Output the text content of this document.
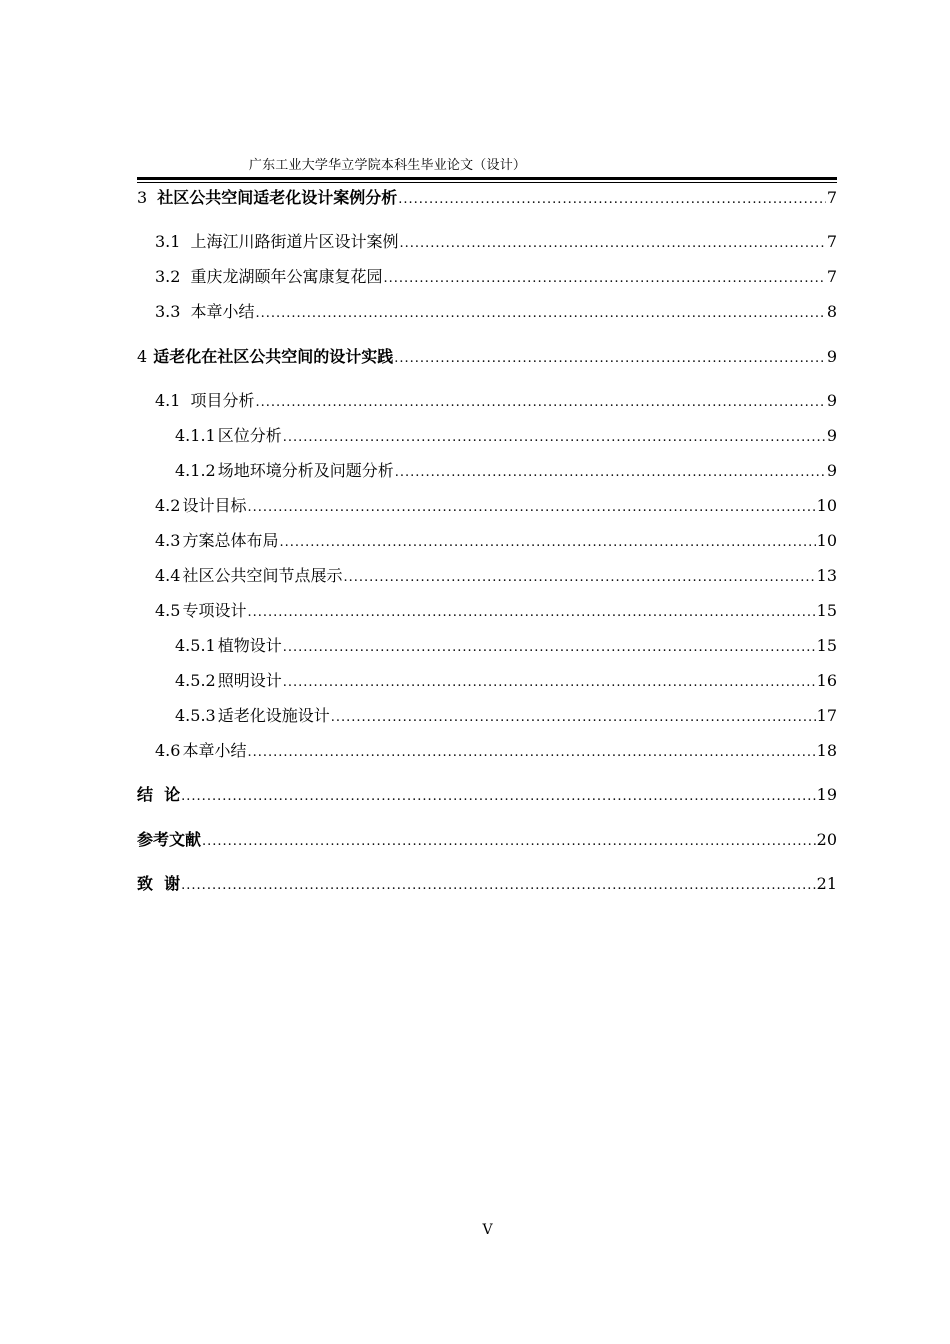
广东工业大学华立学院本科生毕业论文（设计）
3 社区公共空间适老化设计案例分析 .....	7
3.1 上海江川路街道片区设计案例 .....	7
3.2 重庆龙湖颐年公寓康复花园 .....	7
3.3 本章小结 .....	8
4 适老化在社区公共空间的设计实践 .....	9
4.1 项目分析 .....	9
4.1.1 区位分析 .....	9
4.1.2 场地环境分析及问题分析 .....	9
4.2 设计目标 .....	10
4.3 方案总体布局 .....	10
4.4 社区公共空间节点展示 .....	13
4.5 专项设计 .....	15
4.5.1 植物设计 .....	15
4.5.2 照明设计 .....	16
4.5.3 适老化设施设计 .....	17
4.6 本章小结 .....	18
结  论 .....	19
参考文献 .....	20
致  谢 .....	21
V
